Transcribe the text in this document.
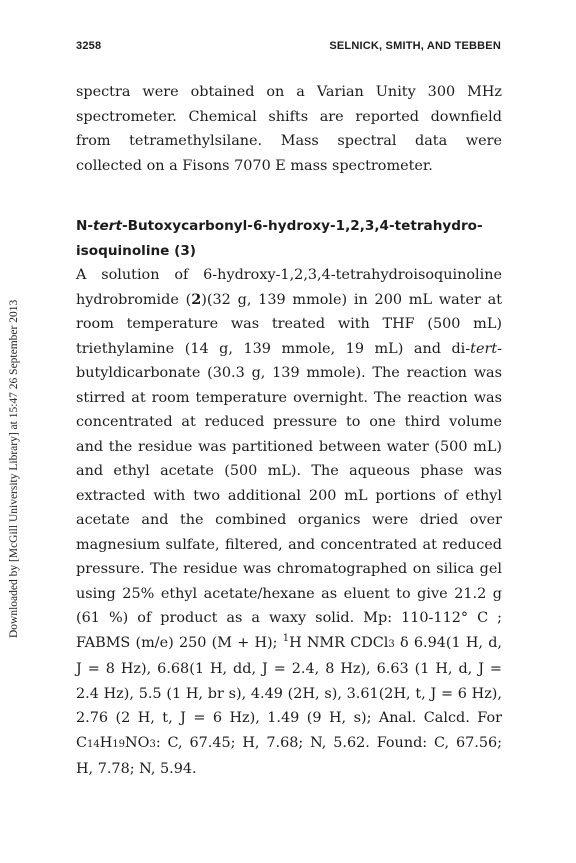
3258	SELNICK, SMITH, AND TEBBEN
Downloaded by [McGill University Library] at 15:47 26 September 2013

spectra were obtained on a Varian Unity 300 MHz spectrometer. Chemical shifts are reported downfield from tetramethylsilane. Mass spectral data were collected on a Fisons 7070 E mass spectrometer.

N-tert-Butoxycarbonyl-6-hydroxy-1,2,3,4-tetrahydro-isoquinoline (3)

A solution of 6-hydroxy-1,2,3,4-tetrahydroisoquinoline hydrobromide (2)(32 g, 139 mmole) in 200 mL water at room temperature was treated with THF (500 mL) triethylamine (14 g, 139 mmole, 19 mL) and di-tert-butyldicarbonate (30.3 g, 139 mmole). The reaction was stirred at room temperature overnight. The reaction was concentrated at reduced pressure to one third volume and the residue was partitioned between water (500 mL) and ethyl acetate (500 mL). The aqueous phase was extracted with two additional 200 mL portions of ethyl acetate and the combined organics were dried over magnesium sulfate, filtered, and concentrated at reduced pressure. The residue was chromatographed on silica gel using 25% ethyl acetate/hexane as eluent to give 21.2 g (61 %) of product as a waxy solid. Mp: 110-112° C ; FABMS (m/e) 250 (M + H); $^1$H NMR CDCl3 δ 6.94(1 H, d, J = 8 Hz), 6.68(1 H, dd, J = 2.4, 8 Hz), 6.63 (1 H, d, J = 2.4 Hz), 5.5 (1 H, br s), 4.49 (2H, s), 3.61(2H, t, J = 6 Hz), 2.76 (2 H, t, J = 6 Hz), 1.49 (9 H, s); Anal. Calcd. For C14H19NO3: C, 67.45; H, 7.68; N, 5.62. Found: C, 67.56; H, 7.78; N, 5.94.
